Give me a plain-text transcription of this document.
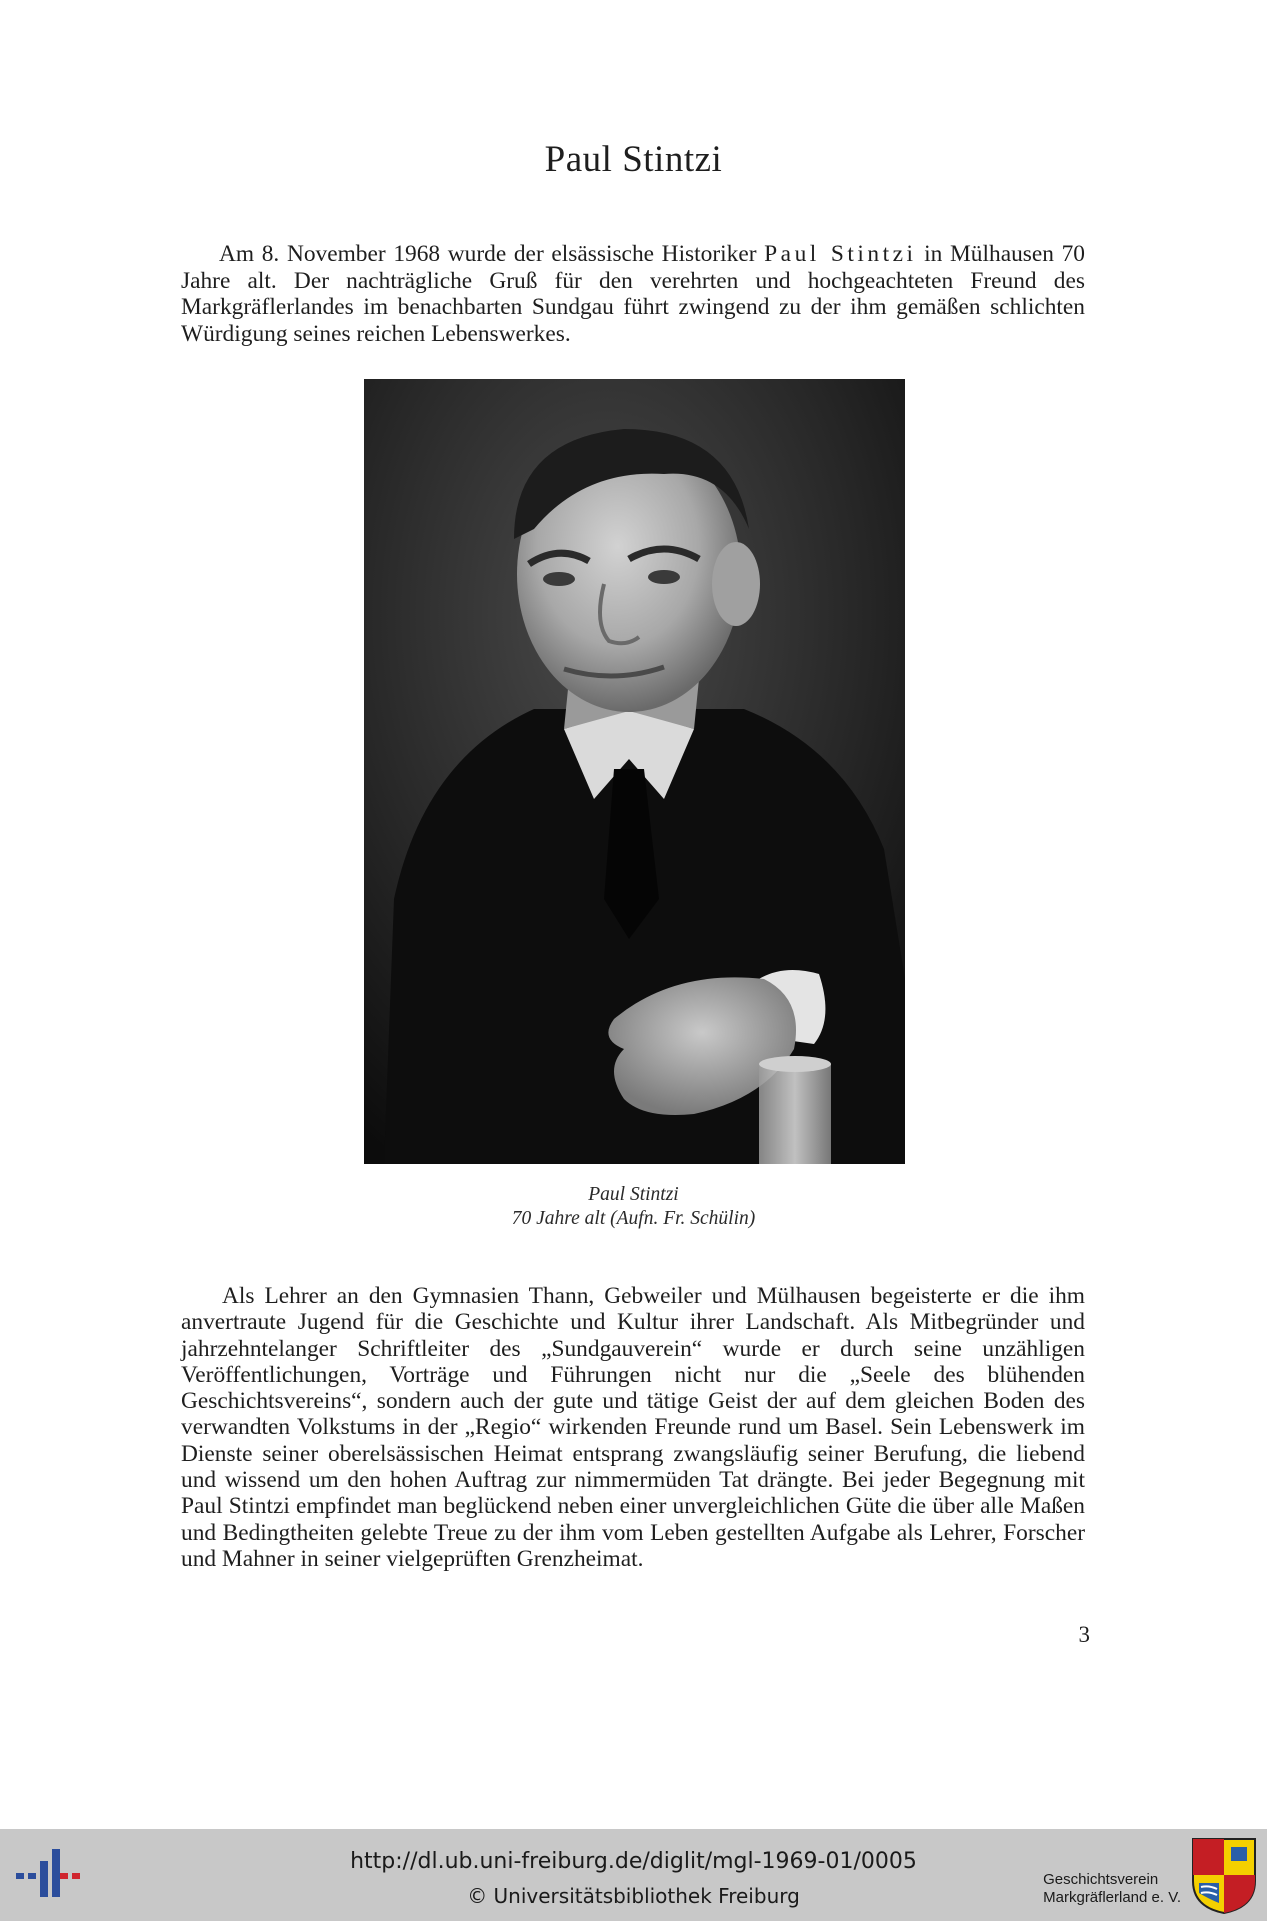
Paul Stintzi

Am 8. November 1968 wurde der elsässische Historiker Paul Stintzi in Mülhausen 70 Jahre alt. Der nachträgliche Gruß für den verehrten und hochgeachteten Freund des Markgräflerlandes im benachbarten Sundgau führt zwingend zu der ihm gemäßen schlichten Würdigung seines reichen Lebenswerkes.

Paul Stintzi
70 Jahre alt (Aufn. Fr. Schülin)

Als Lehrer an den Gymnasien Thann, Gebweiler und Mülhausen begeisterte er die ihm anvertraute Jugend für die Geschichte und Kultur ihrer Landschaft. Als Mitbegründer und jahrzehntelanger Schriftleiter des „Sundgauverein“ wurde er durch seine unzähligen Veröffentlichungen, Vorträge und Führungen nicht nur die „Seele des blühenden Geschichtsvereins“, sondern auch der gute und tätige Geist der auf dem gleichen Boden des verwandten Volkstums in der „Regio“ wirkenden Freunde rund um Basel. Sein Lebenswerk im Dienste seiner oberelsässischen Heimat entsprang zwangsläufig seiner Berufung, die liebend und wissend um den hohen Auftrag zur nimmermüden Tat drängte. Bei jeder Begegnung mit Paul Stintzi empfindet man beglückend neben einer unvergleichlichen Güte die über alle Maßen und Bedingtheiten gelebte Treue zu der ihm vom Leben gestellten Aufgabe als Lehrer, Forscher und Mahner in seiner vielgeprüften Grenzheimat.

3
http://dl.ub.uni-freiburg.de/diglit/mgl-1969-01/0005
© Universitätsbibliothek Freiburg
Geschichtsverein
Markgräflerland e. V.
